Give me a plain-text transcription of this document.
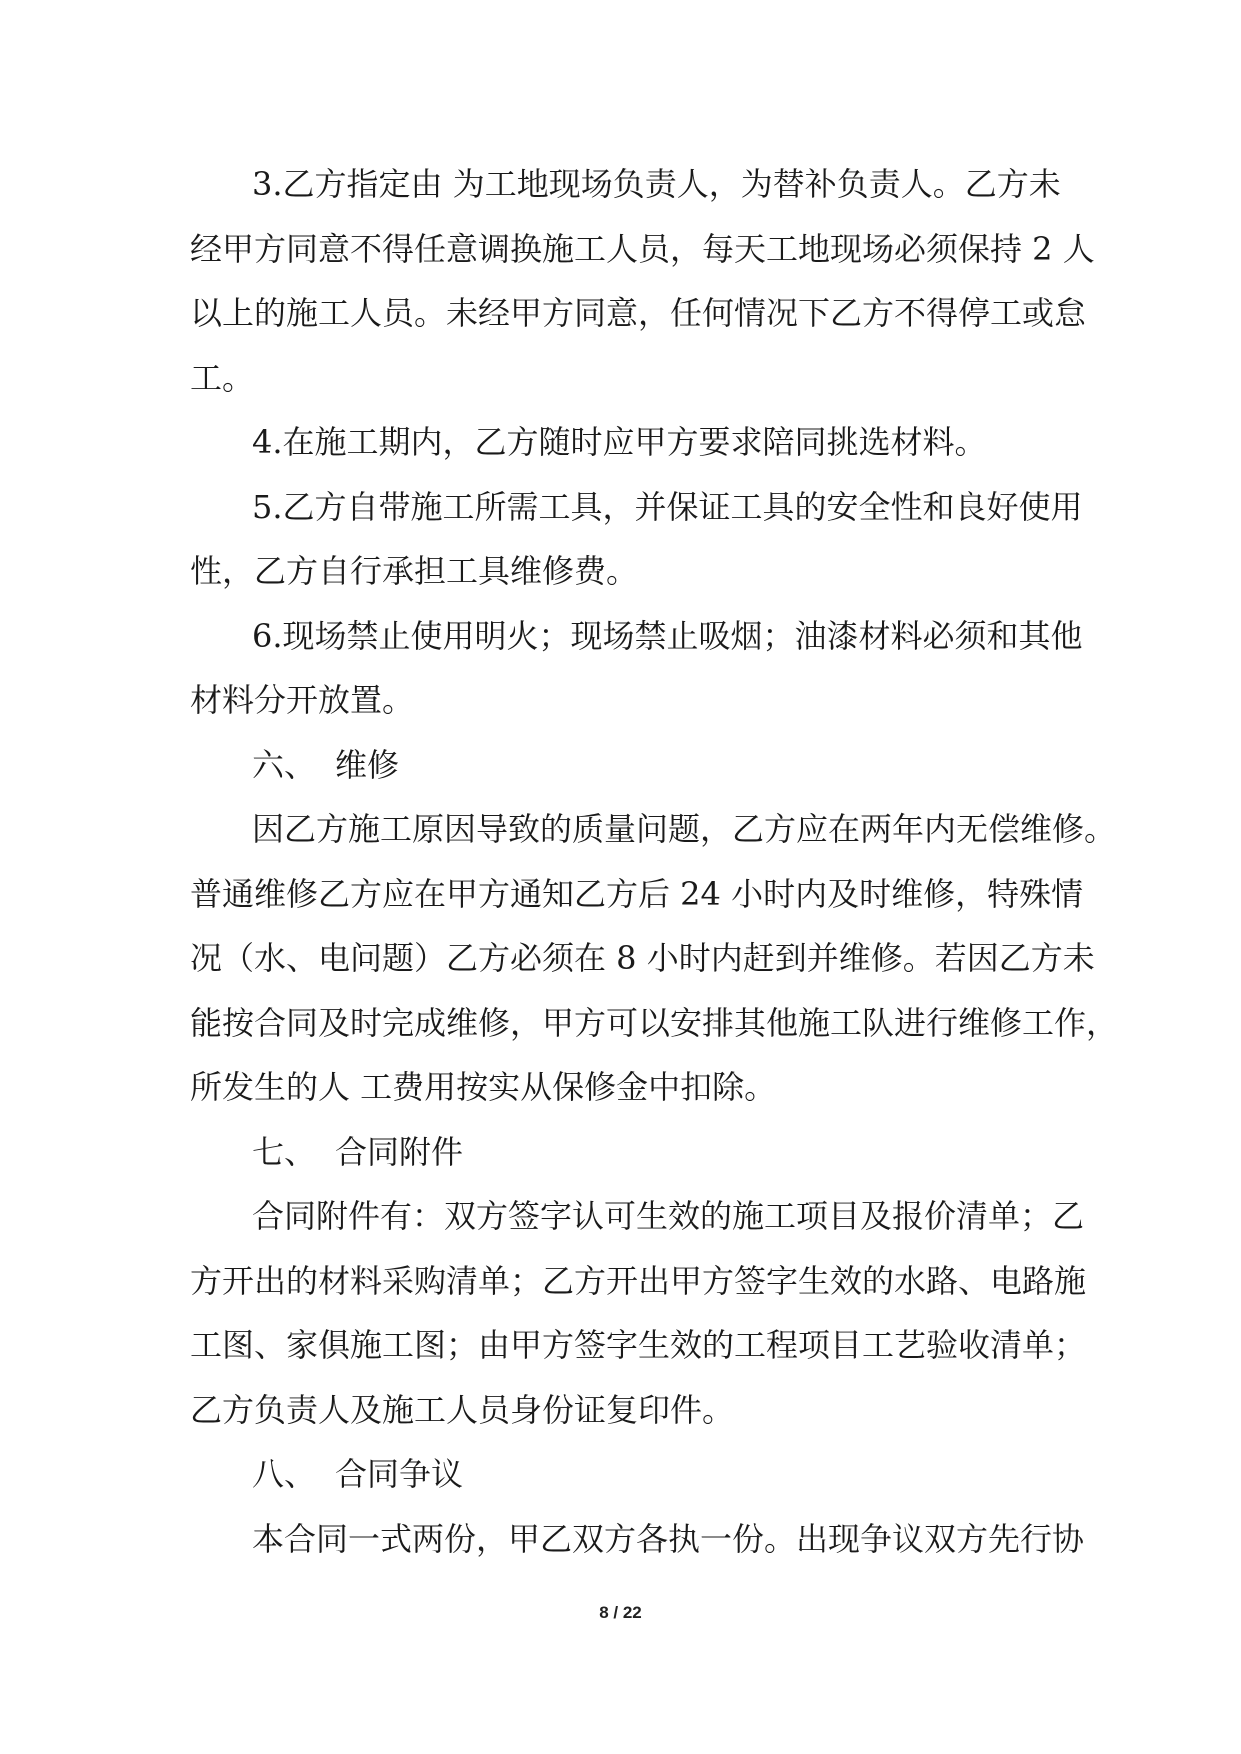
3.乙方指定由 为工地现场负责人，为替补负责人。乙方未
经甲方同意不得任意调换施工人员，每天工地现场必须保持 2 人
以上的施工人员。未经甲方同意，任何情况下乙方不得停工或怠
工。
4.在施工期内，乙方随时应甲方要求陪同挑选材料。
5.乙方自带施工所需工具，并保证工具的安全性和良好使用
性，乙方自行承担工具维修费。
6.现场禁止使用明火；现场禁止吸烟；油漆材料必须和其他
材料分开放置。
六、 维修
因乙方施工原因导致的质量问题，乙方应在两年内无偿维修。
普通维修乙方应在甲方通知乙方后 24 小时内及时维修，特殊情
况（水、电问题）乙方必须在 8 小时内赶到并维修。若因乙方未
能按合同及时完成维修，甲方可以安排其他施工队进行维修工作，
所发生的人 工费用按实从保修金中扣除。
七、 合同附件
合同附件有：双方签字认可生效的施工项目及报价清单；乙
方开出的材料采购清单；乙方开出甲方签字生效的水路、电路施
工图、家俱施工图；由甲方签字生效的工程项目工艺验收清单；
乙方负责人及施工人员身份证复印件。
八、 合同争议
本合同一式两份，甲乙双方各执一份。出现争议双方先行协
8 / 22
